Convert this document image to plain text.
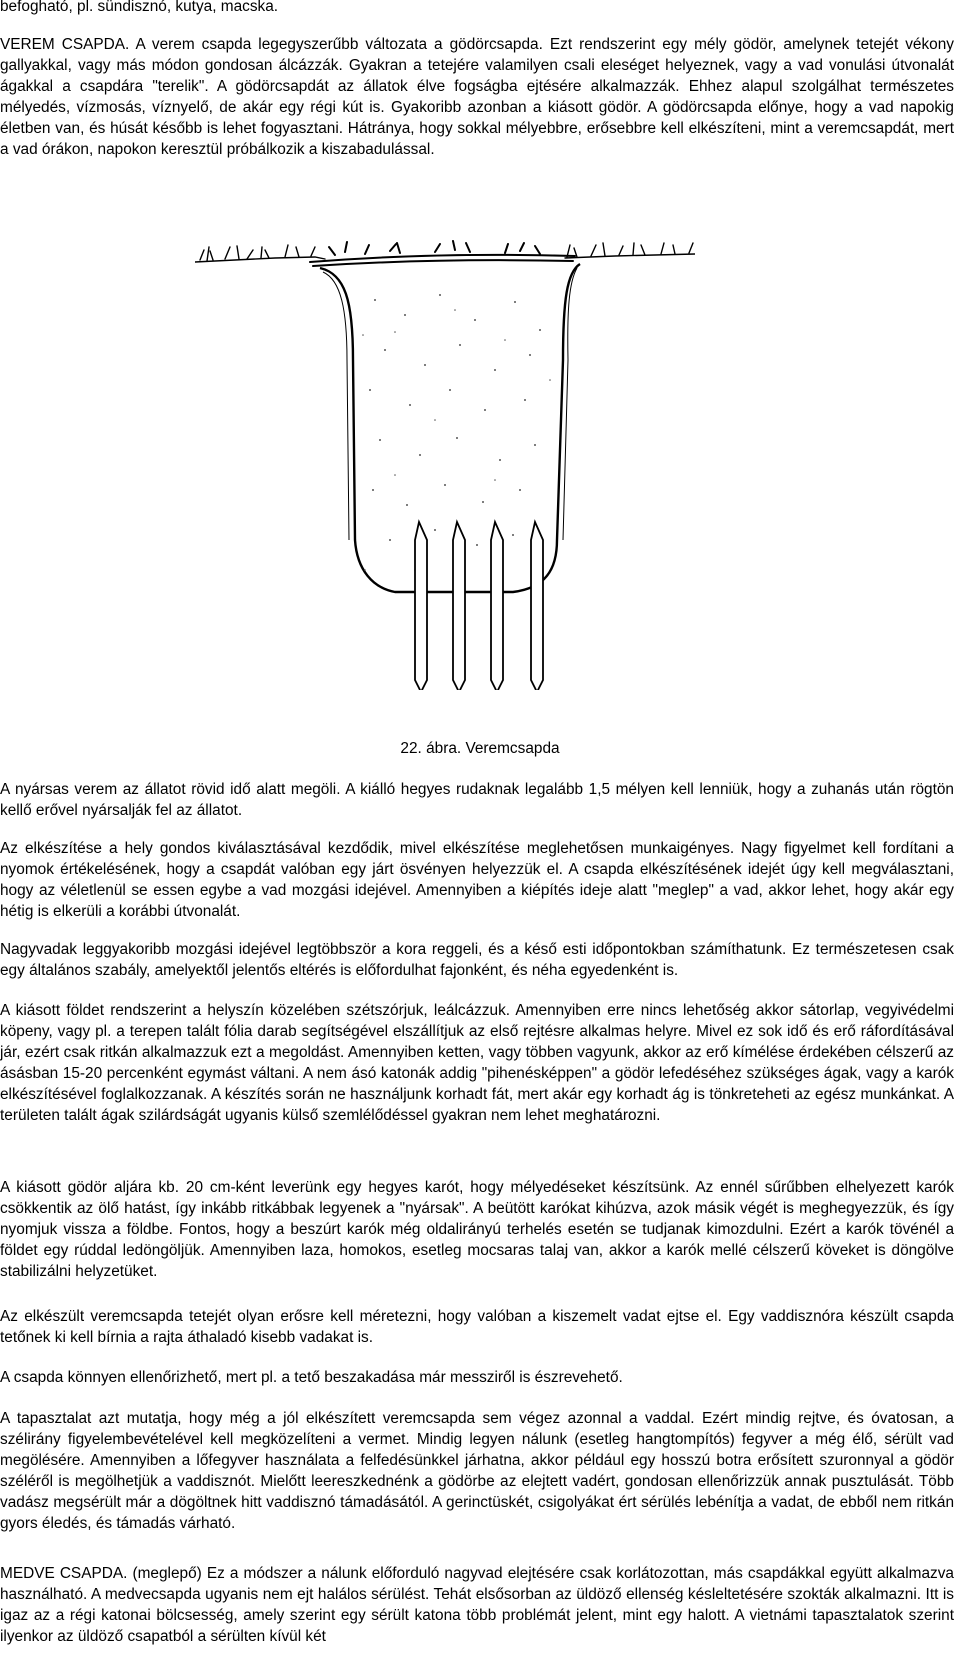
befogható, pl. sündisznó, kutya, macska.

VEREM CSAPDA. A verem csapda legegyszerűbb változata a gödörcsapda. Ezt rendszerint egy mély gödör, amelynek tetejét vékony gallyakkal, vagy más módon gondosan álcázzák. Gyakran a tetejére valamilyen csali eleséget helyeznek, vagy a vad vonulási útvonalát ágakkal a csapdára "terelik". A gödörcsapdát az állatok élve fogságba ejtésére alkalmazzák. Ehhez alapul szolgálhat természetes mélyedés, vízmosás, víznyelő, de akár egy régi kút is. Gyakoribb azonban a kiásott gödör. A gödörcsapda előnye, hogy a vad napokig életben van, és húsát később is lehet fogyasztani. Hátránya, hogy sokkal mélyebbre, erősebbre kell elkészíteni, mint a veremcsapdát, mert a vad órákon, napokon keresztül próbálkozik a kiszabadulással.

22. ábra. Veremcsapda

A nyársas verem az állatot rövid idő alatt megöli. A kiálló hegyes rudaknak legalább 1,5 mélyen kell lenniük, hogy a zuhanás után rögtön kellő erővel nyársalják fel az állatot.

Az elkészítése a hely gondos kiválasztásával kezdődik, mivel elkészítése meglehetősen munkaigényes. Nagy figyelmet kell fordítani a nyomok értékelésének, hogy a csapdát valóban egy járt ösvényen helyezzük el. A csapda elkészítésének idejét úgy kell megválasztani, hogy az véletlenül se essen egybe a vad mozgási idejével. Amennyiben a kiépítés ideje alatt "meglep" a vad, akkor lehet, hogy akár egy hétig is elkerüli a korábbi útvonalát.

Nagyvadak leggyakoribb mozgási idejével legtöbbször a kora reggeli, és a késő esti időpontokban számíthatunk. Ez természetesen csak egy általános szabály, amelyektől jelentős eltérés is előfordulhat fajonként, és néha egyedenként is.

A kiásott földet rendszerint a helyszín közelében szétszórjuk, leálcázzuk. Amennyiben erre nincs lehetőség akkor sátorlap, vegyivédelmi köpeny, vagy pl. a terepen talált fólia darab segítségével elszállítjuk az első rejtésre alkalmas helyre. Mivel ez sok idő és erő ráfordításával jár, ezért csak ritkán alkalmazzuk ezt a megoldást. Amennyiben ketten, vagy többen vagyunk, akkor az erő kímélése érdekében célszerű az ásásban 15-20 percenként egymást váltani. A nem ásó katonák addig "pihenésképpen" a gödör lefedéséhez szükséges ágak, vagy a karók elkészítésével foglalkozzanak. A készítés során ne használjunk korhadt fát, mert akár egy korhadt ág is tönkreteheti az egész munkánkat. A területen talált ágak szilárdságát ugyanis külső szemlélődéssel gyakran nem lehet meghatározni.

A kiásott gödör aljára kb. 20 cm-ként leverünk egy hegyes karót, hogy mélyedéseket készítsünk. Az ennél sűrűbben elhelyezett karók csökkentik az ölő hatást, így inkább ritkábbak legyenek a "nyársak". A beütött karókat kihúzva, azok másik végét is meghegyezzük, és így nyomjuk vissza a földbe. Fontos, hogy a beszúrt karók még oldalirányú terhelés esetén se tudjanak kimozdulni. Ezért a karók tövénél a földet egy rúddal ledöngöljük. Amennyiben laza, homokos, esetleg mocsaras talaj van, akkor a karók mellé célszerű köveket is döngölve stabilizálni helyzetüket.

Az elkészült veremcsapda tetejét olyan erősre kell méretezni, hogy valóban a kiszemelt vadat ejtse el. Egy vaddisznóra készült csapda tetőnek ki kell bírnia a rajta áthaladó kisebb vadakat is.

A csapda könnyen ellenőrizhető, mert pl. a tető beszakadása már messziről is észrevehető.

A tapasztalat azt mutatja, hogy még a jól elkészített veremcsapda sem végez azonnal a vaddal. Ezért mindig rejtve, és óvatosan, a szélirány figyelembevételével kell megközelíteni a vermet. Mindig legyen nálunk (esetleg hangtompítós) fegyver a még élő, sérült vad megölésére. Amennyiben a lőfegyver használata a felfedésünkkel járhatna, akkor például egy hosszú botra erősített szuronnyal a gödör széléről is megölhetjük a vaddisznót. Mielőtt leereszkednénk a gödörbe az elejtett vadért, gondosan ellenőrizzük annak pusztulását. Több vadász megsérült már a dögöltnek hitt vaddisznó támadásától. A gerinctüskét, csigolyákat ért sérülés lebénítja a vadat, de ebből nem ritkán gyors éledés, és támadás várható.

MEDVE CSAPDA. (meglepő) Ez a módszer a nálunk előforduló nagyvad elejtésére csak korlátozottan, más csapdákkal együtt alkalmazva használható. A medvecsapda ugyanis nem ejt halálos sérülést. Tehát elsősorban az üldöző ellenség késleltetésére szokták alkalmazni. Itt is igaz az a régi katonai bölcsesség, amely szerint egy sérült katona több problémát jelent, mint egy halott. A vietnámi tapasztalatok szerint ilyenkor az üldöző csapatból a sérülten kívül két
